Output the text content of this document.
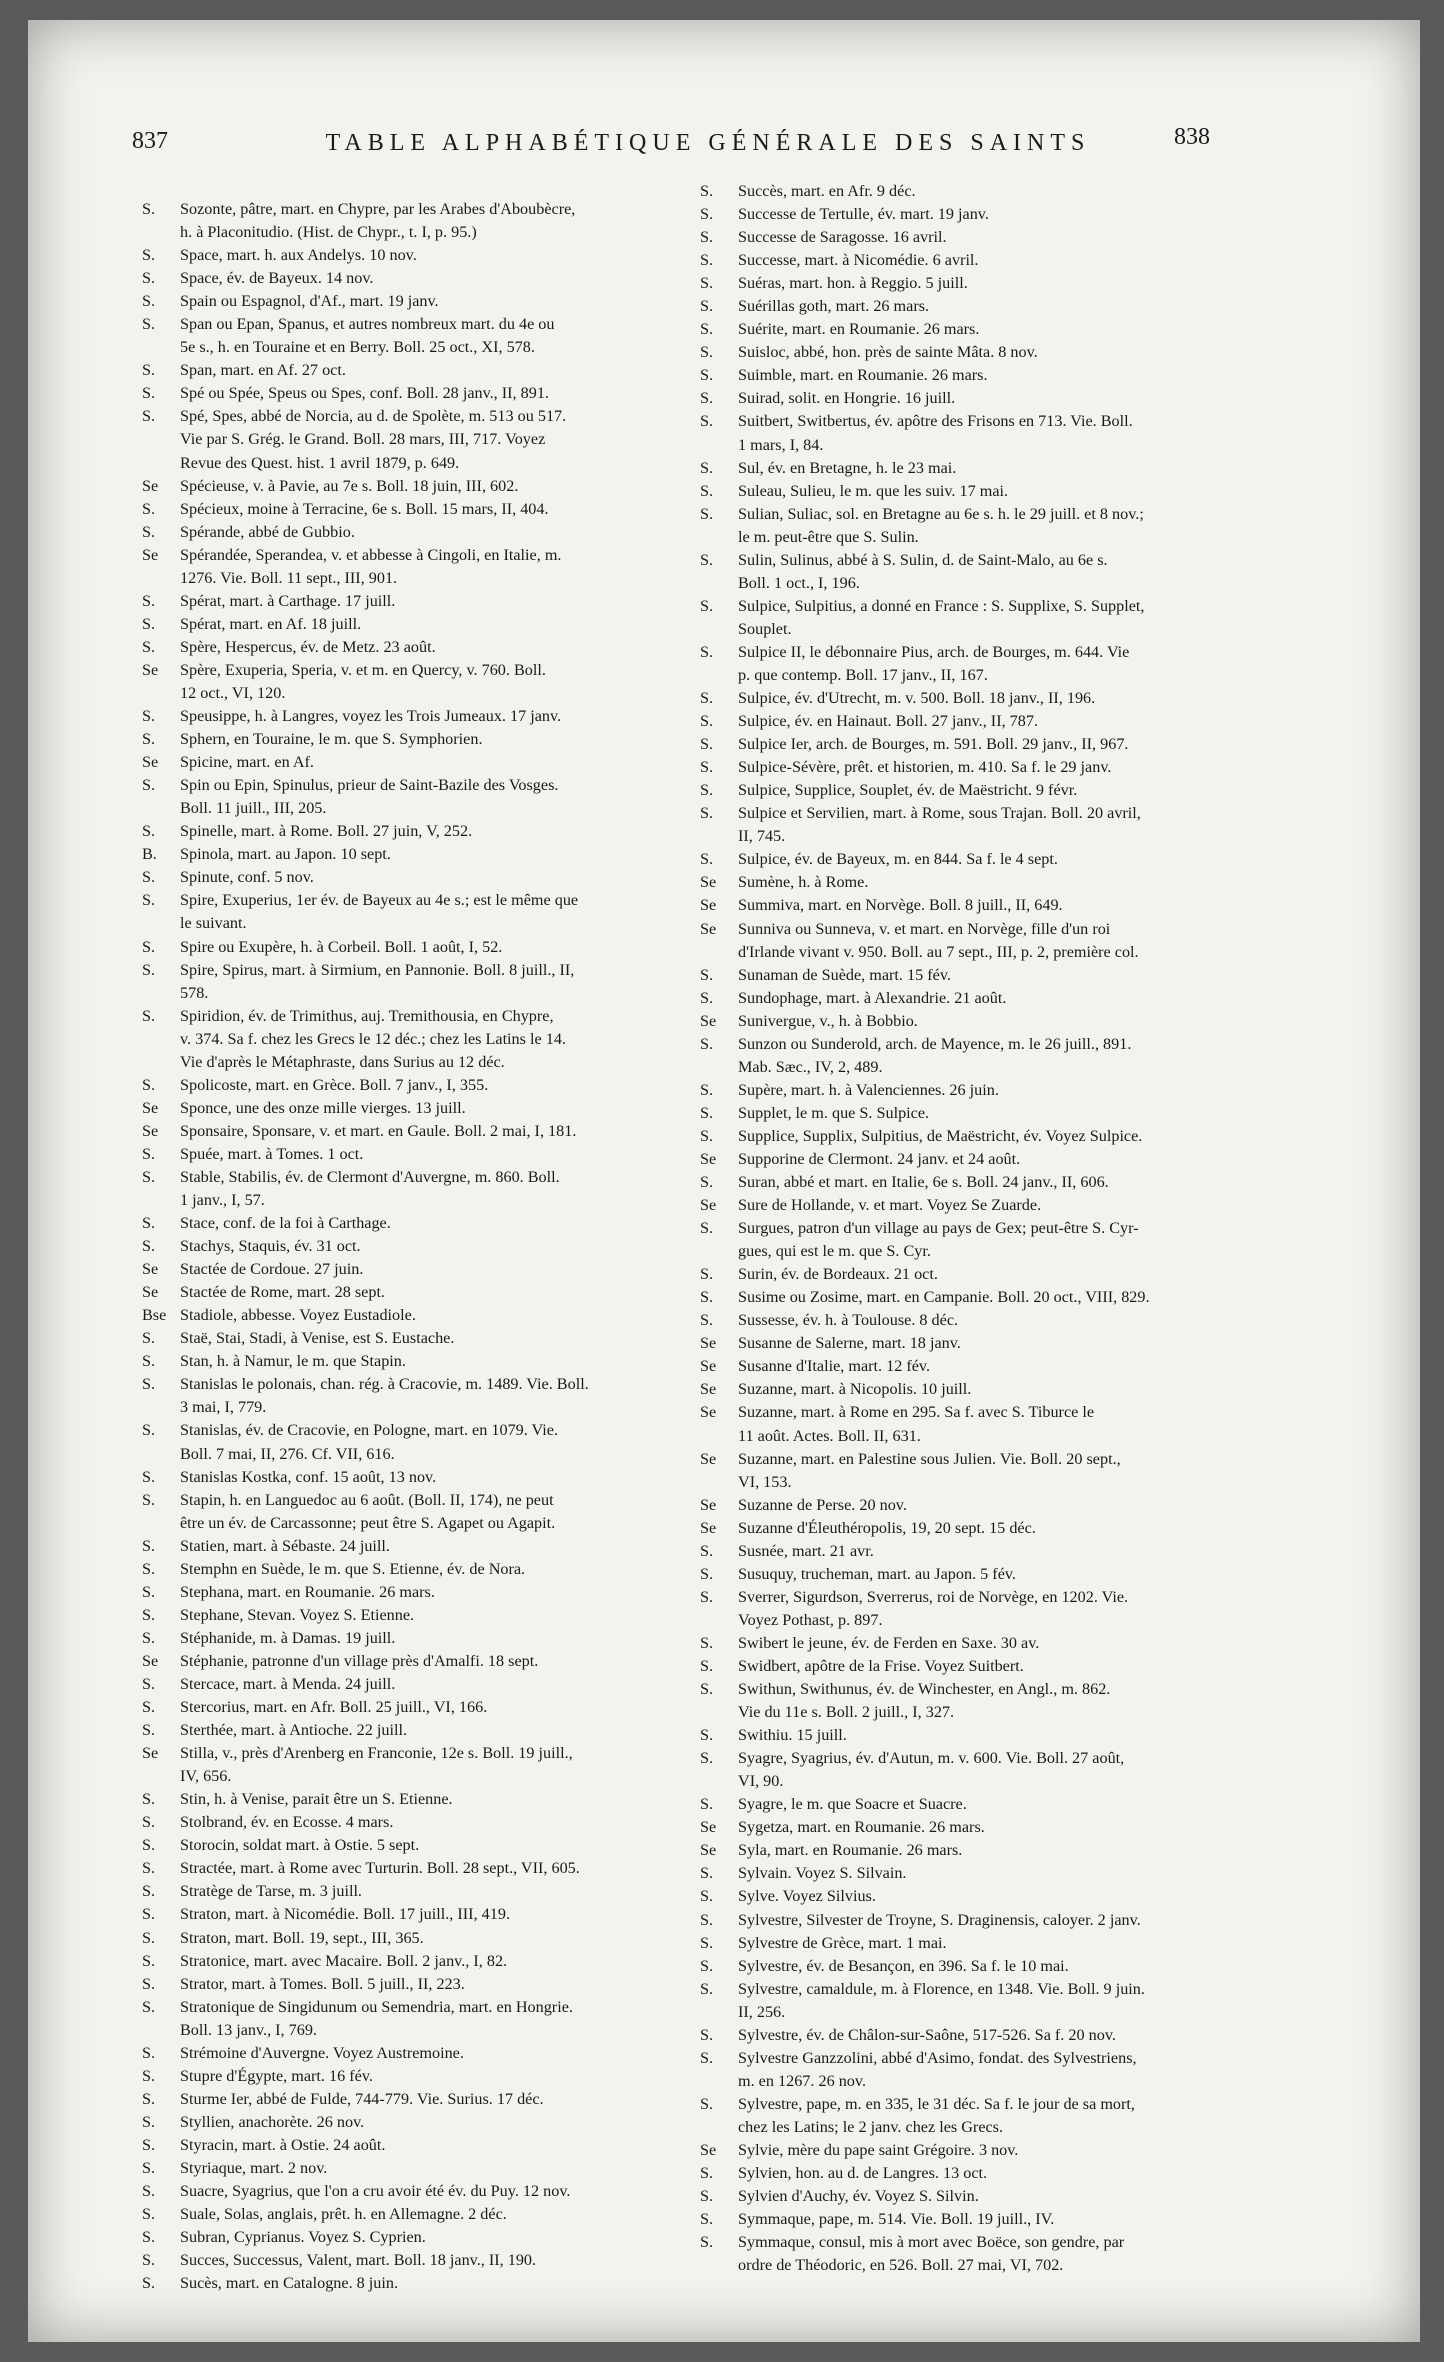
837	TABLE ALPHABÉTIQUE GÉNÉRALE DES SAINTS	838
S.	Sozonte, pâtre, mart. en Chypre, par les Arabes d'Aboubècre,
h. à Placonitudio. (Hist. de Chypr., t. I, p. 95.)
S.	Space, mart. h. aux Andelys. 10 nov.
S.	Space, év. de Bayeux. 14 nov.
S.	Spain ou Espagnol, d'Af., mart. 19 janv.
S.	Span ou Epan, Spanus, et autres nombreux mart. du 4e ou
5e s., h. en Touraine et en Berry. Boll. 25 oct., XI, 578.
S.	Span, mart. en Af. 27 oct.
S.	Spé ou Spée, Speus ou Spes, conf. Boll. 28 janv., II, 891.
S.	Spé, Spes, abbé de Norcia, au d. de Spolète, m. 513 ou 517.
Vie par S. Grég. le Grand. Boll. 28 mars, III, 717. Voyez
Revue des Quest. hist. 1 avril 1879, p. 649.
Se	Spécieuse, v. à Pavie, au 7e s. Boll. 18 juin, III, 602.
S.	Spécieux, moine à Terracine, 6e s. Boll. 15 mars, II, 404.
S.	Spérande, abbé de Gubbio.
Se	Spérandée, Sperandea, v. et abbesse à Cingoli, en Italie, m.
1276. Vie. Boll. 11 sept., III, 901.
S.	Spérat, mart. à Carthage. 17 juill.
S.	Spérat, mart. en Af. 18 juill.
S.	Spère, Hespercus, év. de Metz. 23 août.
Se	Spère, Exuperia, Speria, v. et m. en Quercy, v. 760. Boll.
12 oct., VI, 120.
S.	Speusippe, h. à Langres, voyez les Trois Jumeaux. 17 janv.
S.	Sphern, en Touraine, le m. que S. Symphorien.
Se	Spicine, mart. en Af.
S.	Spin ou Epin, Spinulus, prieur de Saint-Bazile des Vosges.
Boll. 11 juill., III, 205.
S.	Spinelle, mart. à Rome. Boll. 27 juin, V, 252.
B.	Spinola, mart. au Japon. 10 sept.
S.	Spinute, conf. 5 nov.
S.	Spire, Exuperius, 1er év. de Bayeux au 4e s.; est le même que
le suivant.
S.	Spire ou Exupère, h. à Corbeil. Boll. 1 août, I, 52.
S.	Spire, Spirus, mart. à Sirmium, en Pannonie. Boll. 8 juill., II,
578.
S.	Spiridion, év. de Trimithus, auj. Tremithousia, en Chypre,
v. 374. Sa f. chez les Grecs le 12 déc.; chez les Latins le 14.
Vie d'après le Métaphraste, dans Surius au 12 déc.
S.	Spolicoste, mart. en Grèce. Boll. 7 janv., I, 355.
Se	Sponce, une des onze mille vierges. 13 juill.
Se	Sponsaire, Sponsare, v. et mart. en Gaule. Boll. 2 mai, I, 181.
S.	Spuée, mart. à Tomes. 1 oct.
S.	Stable, Stabilis, év. de Clermont d'Auvergne, m. 860. Boll.
1 janv., I, 57.
S.	Stace, conf. de la foi à Carthage.
S.	Stachys, Staquis, év. 31 oct.
Se	Stactée de Cordoue. 27 juin.
Se	Stactée de Rome, mart. 28 sept.
Bse Stadiole, abbesse. Voyez Eustadiole.
S.	Staë, Stai, Stadi, à Venise, est S. Eustache.
S.	Stan, h. à Namur, le m. que Stapin.
S.	Stanislas le polonais, chan. rég. à Cracovie, m. 1489. Vie. Boll.
3 mai, I, 779.
S.	Stanislas, év. de Cracovie, en Pologne, mart. en 1079. Vie.
Boll. 7 mai, II, 276. Cf. VII, 616.
S.	Stanislas Kostka, conf. 15 août, 13 nov.
S.	Stapin, h. en Languedoc au 6 août. (Boll. II, 174), ne peut
être un év. de Carcassonne; peut être S. Agapet ou Agapit.
S.	Statien, mart. à Sébaste. 24 juill.
S.	Stemphn en Suède, le m. que S. Etienne, év. de Nora.
S.	Stephana, mart. en Roumanie. 26 mars.
S.	Stephane, Stevan. Voyez S. Etienne.
S.	Stéphanide, m. à Damas. 19 juill.
Se	Stéphanie, patronne d'un village près d'Amalfi. 18 sept.
S.	Stercace, mart. à Menda. 24 juill.
S.	Stercorius, mart. en Afr. Boll. 25 juill., VI, 166.
S.	Sterthée, mart. à Antioche. 22 juill.
Se	Stilla, v., près d'Arenberg en Franconie, 12e s. Boll. 19 juill.,
IV, 656.
S.	Stin, h. à Venise, parait être un S. Etienne.
S.	Stolbrand, év. en Ecosse. 4 mars.
S.	Storocin, soldat mart. à Ostie. 5 sept.
S.	Stractée, mart. à Rome avec Turturin. Boll. 28 sept., VII, 605.
S.	Stratège de Tarse, m. 3 juill.
S.	Straton, mart. à Nicomédie. Boll. 17 juill., III, 419.
S.	Straton, mart. Boll. 19, sept., III, 365.
S.	Stratonice, mart. avec Macaire. Boll. 2 janv., I, 82.
S.	Strator, mart. à Tomes. Boll. 5 juill., II, 223.
S.	Stratonique de Singidunum ou Semendria, mart. en Hongrie.
Boll. 13 janv., I, 769.
S.	Strémoine d'Auvergne. Voyez Austremoine.
S.	Stupre d'Égypte, mart. 16 fév.
S.	Sturme Ier, abbé de Fulde, 744-779. Vie. Surius. 17 déc.
S.	Styllien, anachorète. 26 nov.
S.	Styracin, mart. à Ostie. 24 août.
S.	Styriaque, mart. 2 nov.
S.	Suacre, Syagrius, que l'on a cru avoir été év. du Puy. 12 nov.
S.	Suale, Solas, anglais, prêt. h. en Allemagne. 2 déc.
S.	Subran, Cyprianus. Voyez S. Cyprien.
S.	Succes, Successus, Valent, mart. Boll. 18 janv., II, 190.
S.	Sucès, mart. en Catalogne. 8 juin.
S.	Succès, mart. en Afr. 9 déc.
S.	Successe de Tertulle, év. mart. 19 janv.
S.	Successe de Saragosse. 16 avril.
S.	Successe, mart. à Nicomédie. 6 avril.
S.	Suéras, mart. hon. à Reggio. 5 juill.
S.	Suérillas goth, mart. 26 mars.
S.	Suérite, mart. en Roumanie. 26 mars.
S.	Suisloc, abbé, hon. près de sainte Mâta. 8 nov.
S.	Suimble, mart. en Roumanie. 26 mars.
S.	Suirad, solit. en Hongrie. 16 juill.
S.	Suitbert, Switbertus, év. apôtre des Frisons en 713. Vie. Boll.
1 mars, I, 84.
S.	Sul, év. en Bretagne, h. le 23 mai.
S.	Suleau, Sulieu, le m. que les suiv. 17 mai.
S.	Sulian, Suliac, sol. en Bretagne au 6e s. h. le 29 juill. et 8 nov.;
le m. peut-être que S. Sulin.
S.	Sulin, Sulinus, abbé à S. Sulin, d. de Saint-Malo, au 6e s.
Boll. 1 oct., I, 196.
S.	Sulpice, Sulpitius, a donné en France : S. Supplixe, S. Supplet,
Souplet.
S.	Sulpice II, le débonnaire Pius, arch. de Bourges, m. 644. Vie
p. que contemp. Boll. 17 janv., II, 167.
S.	Sulpice, év. d'Utrecht, m. v. 500. Boll. 18 janv., II, 196.
S.	Sulpice, év. en Hainaut. Boll. 27 janv., II, 787.
S.	Sulpice Ier, arch. de Bourges, m. 591. Boll. 29 janv., II, 967.
S.	Sulpice-Sévère, prêt. et historien, m. 410. Sa f. le 29 janv.
S.	Sulpice, Supplice, Souplet, év. de Maëstricht. 9 févr.
S.	Sulpice et Servilien, mart. à Rome, sous Trajan. Boll. 20 avril,
II, 745.
S.	Sulpice, év. de Bayeux, m. en 844. Sa f. le 4 sept.
Se	Sumène, h. à Rome.
Se	Summiva, mart. en Norvège. Boll. 8 juill., II, 649.
Se	Sunniva ou Sunneva, v. et mart. en Norvège, fille d'un roi
d'Irlande vivant v. 950. Boll. au 7 sept., III, p. 2, première col.
S.	Sunaman de Suède, mart. 15 fév.
S.	Sundophage, mart. à Alexandrie. 21 août.
Se	Sunivergue, v., h. à Bobbio.
S.	Sunzon ou Sunderold, arch. de Mayence, m. le 26 juill., 891.
Mab. Sæc., IV, 2, 489.
S.	Supère, mart. h. à Valenciennes. 26 juin.
S.	Supplet, le m. que S. Sulpice.
S.	Supplice, Supplix, Sulpitius, de Maëstricht, év. Voyez Sulpice.
Se	Supporine de Clermont. 24 janv. et 24 août.
S.	Suran, abbé et mart. en Italie, 6e s. Boll. 24 janv., II, 606.
Se	Sure de Hollande, v. et mart. Voyez Se Zuarde.
S.	Surgues, patron d'un village au pays de Gex; peut-être S. Cyr-
gues, qui est le m. que S. Cyr.
S.	Surin, év. de Bordeaux. 21 oct.
S.	Susime ou Zosime, mart. en Campanie. Boll. 20 oct., VIII, 829.
S.	Sussesse, év. h. à Toulouse. 8 déc.
Se	Susanne de Salerne, mart. 18 janv.
Se	Susanne d'Italie, mart. 12 fév.
Se	Suzanne, mart. à Nicopolis. 10 juill.
Se	Suzanne, mart. à Rome en 295. Sa f. avec S. Tiburce le
11 août. Actes. Boll. II, 631.
Se	Suzanne, mart. en Palestine sous Julien. Vie. Boll. 20 sept.,
VI, 153.
Se	Suzanne de Perse. 20 nov.
Se	Suzanne d'Éleuthéropolis, 19, 20 sept. 15 déc.
S.	Susnée, mart. 21 avr.
S.	Susuquy, trucheman, mart. au Japon. 5 fév.
S.	Sverrer, Sigurdson, Sverrerus, roi de Norvège, en 1202. Vie.
Voyez Pothast, p. 897.
S.	Swibert le jeune, év. de Ferden en Saxe. 30 av.
S.	Swidbert, apôtre de la Frise. Voyez Suitbert.
S.	Swithun, Swithunus, év. de Winchester, en Angl., m. 862.
Vie du 11e s. Boll. 2 juill., I, 327.
S.	Swithiu. 15 juill.
S.	Syagre, Syagrius, év. d'Autun, m. v. 600. Vie. Boll. 27 août,
VI, 90.
S.	Syagre, le m. que Soacre et Suacre.
Se	Sygetza, mart. en Roumanie. 26 mars.
Se	Syla, mart. en Roumanie. 26 mars.
S.	Sylvain. Voyez S. Silvain.
S.	Sylve. Voyez Silvius.
S.	Sylvestre, Silvester de Troyne, S. Draginensis, caloyer. 2 janv.
S.	Sylvestre de Grèce, mart. 1 mai.
S.	Sylvestre, év. de Besançon, en 396. Sa f. le 10 mai.
S.	Sylvestre, camaldule, m. à Florence, en 1348. Vie. Boll. 9 juin.
II, 256.
S.	Sylvestre, év. de Châlon-sur-Saône, 517-526. Sa f. 20 nov.
S.	Sylvestre Ganzzolini, abbé d'Asimo, fondat. des Sylvestriens,
m. en 1267. 26 nov.
S.	Sylvestre, pape, m. en 335, le 31 déc. Sa f. le jour de sa mort,
chez les Latins; le 2 janv. chez les Grecs.
Se	Sylvie, mère du pape saint Grégoire. 3 nov.
S.	Sylvien, hon. au d. de Langres. 13 oct.
S.	Sylvien d'Auchy, év. Voyez S. Silvin.
S.	Symmaque, pape, m. 514. Vie. Boll. 19 juill., IV.
S.	Symmaque, consul, mis à mort avec Boëce, son gendre, par
ordre de Théodoric, en 526. Boll. 27 mai, VI, 702.
